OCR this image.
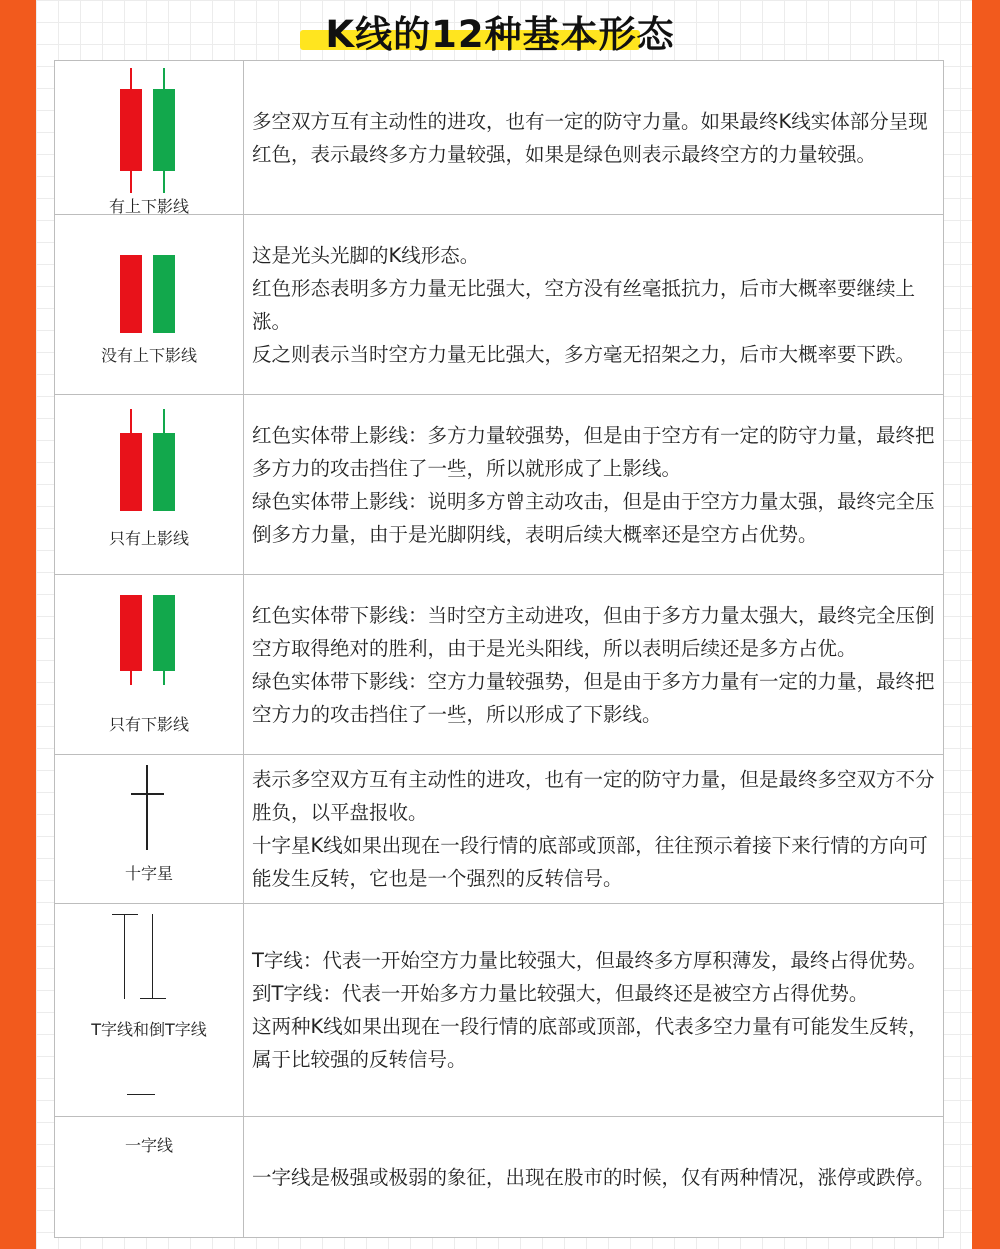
K线的12种基本形态
有上下影线	多空双方互有主动性的进攻，也有一定的防守力量。如果最终K线实体部分呈现红色，表示最终多方力量较强，如果是绿色则表示最终空方的力量较强。

没有上下影线	这是光头光脚的K线形态。
红色形态表明多方力量无比强大，空方没有丝毫抵抗力，后市大概率要继续上涨。
反之则表示当时空方力量无比强大，多方毫无招架之力，后市大概率要下跌。

只有上影线	红色实体带上影线：多方力量较强势，但是由于空方有一定的防守力量，最终把多方力的攻击挡住了一些，所以就形成了上影线。
绿色实体带上影线：说明多方曾主动攻击，但是由于空方力量太强，最终完全压倒多方力量，由于是光脚阴线，表明后续大概率还是空方占优势。

只有下影线	红色实体带下影线：当时空方主动进攻，但由于多方力量太强大，最终完全压倒空方取得绝对的胜利，由于是光头阳线，所以表明后续还是多方占优。
绿色实体带下影线：空方力量较强势，但是由于多方力量有一定的力量，最终把空方力的攻击挡住了一些，所以形成了下影线。

十字星	表示多空双方互有主动性的进攻，也有一定的防守力量，但是最终多空双方不分胜负，以平盘报收。
十字星K线如果出现在一段行情的底部或顶部，往往预示着接下来行情的方向可能发生反转，它也是一个强烈的反转信号。

T字线和倒T字线	T字线：代表一开始空方力量比较强大，但最终多方厚积薄发，最终占得优势。
到T字线：代表一开始多方力量比较强大，但最终还是被空方占得优势。
这两种K线如果出现在一段行情的底部或顶部，代表多空力量有可能发生反转，属于比较强的反转信号。

一字线	一字线是极强或极弱的象征，出现在股市的时候，仅有两种情况，涨停或跌停。
